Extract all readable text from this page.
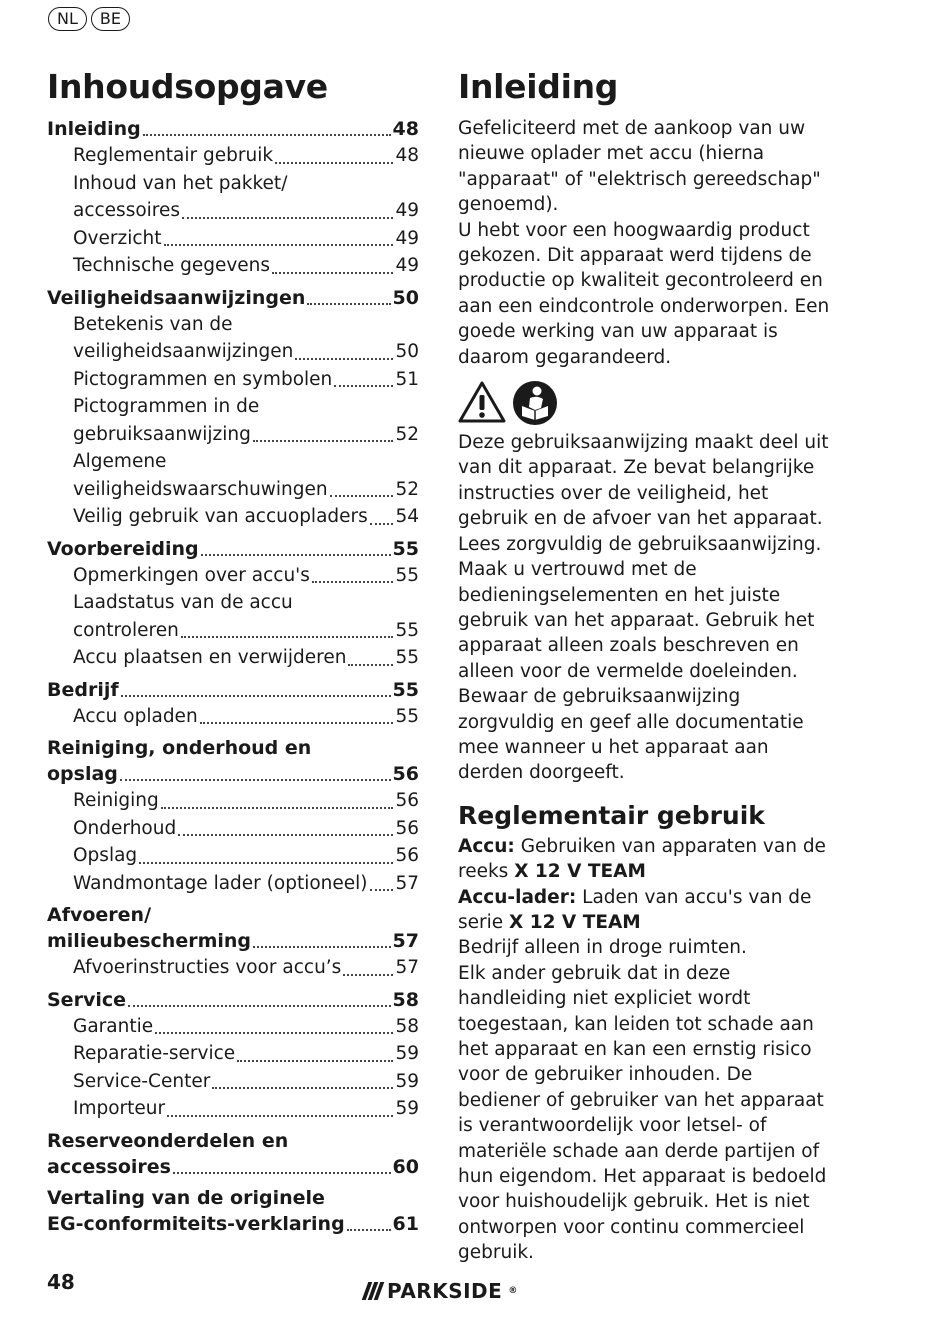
NL	BE
Inhoudsopgave
Inleiding	48
Reglementair gebruik	48
Inhoud van het pakket/
accessoires	49
Overzicht	49
Technische gegevens	49
Veiligheidsaanwijzingen	50
Betekenis van de
veiligheidsaanwijzingen	50
Pictogrammen en symbolen	51
Pictogrammen in de
gebruiksaanwijzing	52
Algemene
veiligheidswaarschuwingen	52
Veilig gebruik van accuopladers 54
Voorbereiding	55
Opmerkingen over accu's	55
Laadstatus van de accu
controleren	55
Accu plaatsen en verwijderen	55
Bedrijf	55
Accu opladen	55
Reiniging, onderhoud en
opslag	56
Reiniging	56
Onderhoud	56
Opslag	56
Wandmontage lader (optioneel) 57
Afvoeren/
milieubescherming	57
Afvoerinstructies voor accu’s	57
Service	58
Garantie	58
Reparatie-service	59
Service-Center	59
Importeur	59
Reserveonderdelen en
accessoires	60
Vertaling van de originele
EG-conformiteits-verklaring	61
Inleiding

Gefeliciteerd met de aankoop van uw nieuwe oplader met accu (hierna "apparaat" of "elektrisch gereedschap" genoemd).

U hebt voor een hoogwaardig product gekozen. Dit apparaat werd tijdens de productie op kwaliteit gecontroleerd en aan een eindcontrole onderworpen. Een goede werking van uw apparaat is daarom gegarandeerd.

Deze gebruiksaanwijzing maakt deel uit van dit apparaat. Ze bevat belangrijke instructies over de veiligheid, het gebruik en de afvoer van het apparaat. Lees zorgvuldig de gebruiksaanwijzing. Maak u vertrouwd met de bedieningselementen en het juiste gebruik van het apparaat. Gebruik het apparaat alleen zoals beschreven en alleen voor de vermelde doeleinden. Bewaar de gebruiksaanwijzing zorgvuldig en geef alle documentatie mee wanneer u het apparaat aan derden doorgeeft.

Reglementair gebruik

Accu: Gebruiken van apparaten van de reeks X 12 V TEAM

Accu-lader: Laden van accu's van de serie X 12 V TEAM

Bedrijf alleen in droge ruimten.

Elk ander gebruik dat in deze handleiding niet expliciet wordt toegestaan, kan leiden tot schade aan het apparaat en kan een ernstig risico voor de gebruiker inhouden. De bediener of gebruiker van het apparaat is verantwoordelijk voor letsel- of materiële schade aan derde partijen of hun eigendom. Het apparaat is bedoeld voor huishoudelijk gebruik. Het is niet ontworpen voor continu commercieel gebruik.

48	PARKSIDE ®
